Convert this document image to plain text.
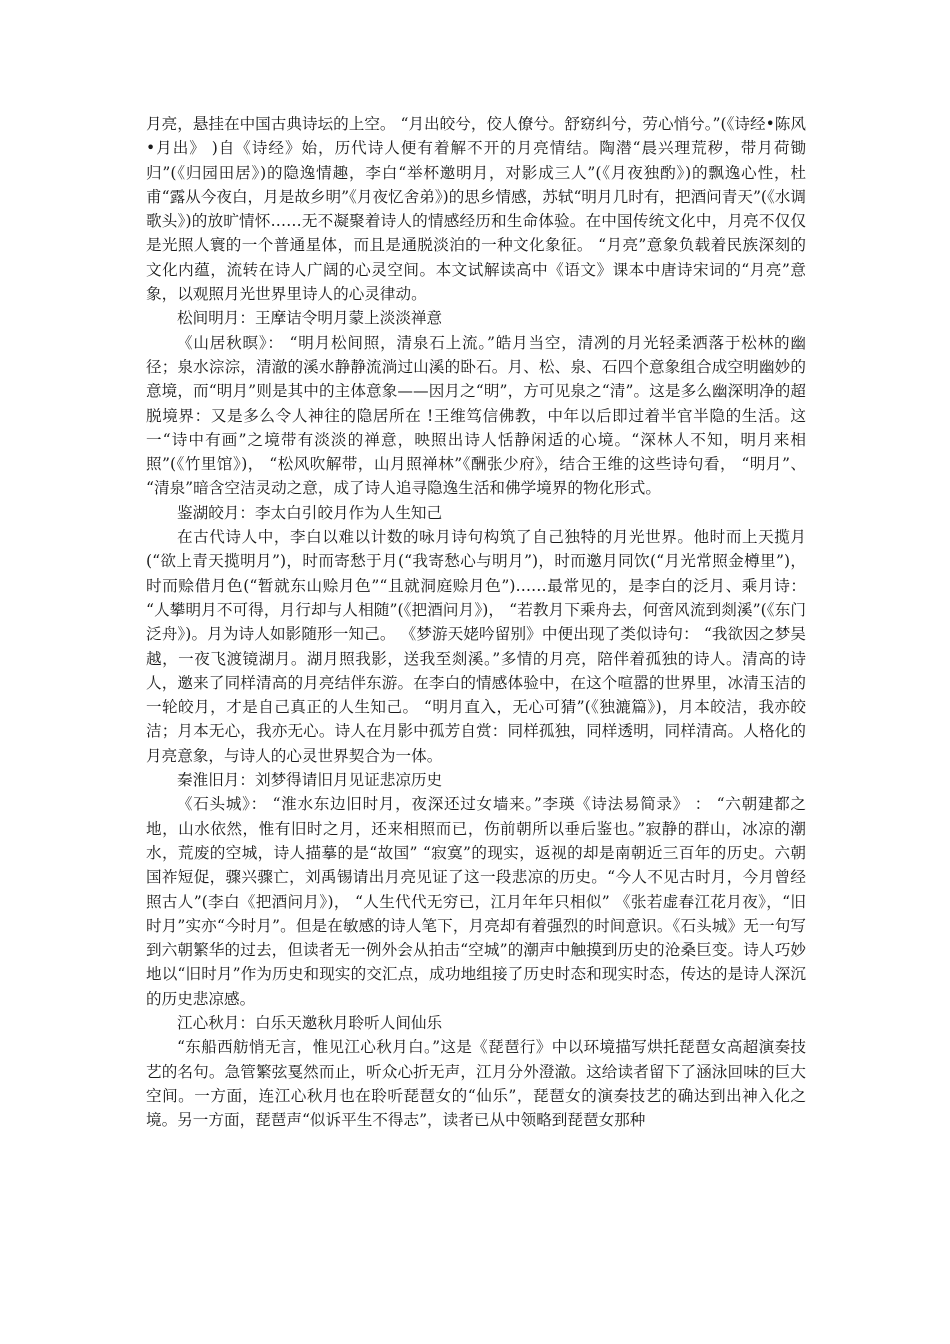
月亮，悬挂在中国古典诗坛的上空。 “月出皎兮，佼人僚兮。舒窈纠兮，劳心悄兮。”(《诗经•陈风•月出》 )自《诗经》始，历代诗人便有着解不开的月亮情结。陶潜“晨兴理荒秽，带月荷锄归”(《归园田居》)的隐逸情趣，李白“举杯邀明月，对影成三人”(《月夜独酌》)的飘逸心性，杜甫“露从今夜白，月是故乡明”《月夜忆舍弟》)的思乡情感，苏轼“明月几时有，把酒问青天”(《水调歌头》)的放旷情怀……无不凝聚着诗人的情感经历和生命体验。在中国传统文化中，月亮不仅仅是光照人寰的一个普通星体，而且是通脱淡泊的一种文化象征。 “月亮”意象负载着民族深刻的文化内蕴，流转在诗人广阔的心灵空间。本文试解读高中《语文》课本中唐诗宋词的“月亮”意象，以观照月光世界里诗人的心灵律动。

松间明月：王摩诘令明月蒙上淡淡禅意

《山居秋暝》： “明月松间照，清泉石上流。”皓月当空，清冽的月光轻柔洒落于松林的幽径；泉水淙淙，清澈的溪水静静流淌过山溪的卧石。月、松、泉、石四个意象组合成空明幽妙的意境，而“明月”则是其中的主体意象——因月之“明”，方可见泉之“清”。这是多么幽深明净的超脱境界：又是多么令人神往的隐居所在 !王维笃信佛教，中年以后即过着半官半隐的生活。这一“诗中有画”之境带有淡淡的禅意，映照出诗人恬静闲适的心境。“深林人不知，明月来相照”(《竹里馆》)， “松风吹解带，山月照禅林”《酬张少府》，结合王维的这些诗句看， “明月”、 “清泉”暗含空洁灵动之意，成了诗人追寻隐逸生活和佛学境界的物化形式。

鉴湖皎月：李太白引皎月作为人生知己

在古代诗人中，李白以难以计数的咏月诗句构筑了自己独特的月光世界。他时而上天揽月(“欲上青天揽明月”)，时而寄愁于月(“我寄愁心与明月”)，时而邀月同饮(“月光常照金樽里”)，时而赊借月色(“暂就东山赊月色”“且就洞庭赊月色”)……最常见的，是李白的泛月、乘月诗： “人攀明月不可得，月行却与人相随”(《把酒问月》)， “若教月下乘舟去，何啻风流到剡溪”(《东门泛舟》)。月为诗人如影随形一知己。 《梦游天姥吟留别》中便出现了类似诗句： “我欲因之梦吴越，一夜飞渡镜湖月。湖月照我影，送我至剡溪。”多情的月亮，陪伴着孤独的诗人。清高的诗人，邀来了同样清高的月亮结伴东游。在李白的情感体验中，在这个喧嚣的世界里，冰清玉洁的一轮皎月，才是自己真正的人生知己。 “明月直入，无心可猜”(《独漉篇》)，月本皎洁，我亦皎洁；月本无心，我亦无心。诗人在月影中孤芳自赏：同样孤独，同样透明，同样清高。人格化的月亮意象，与诗人的心灵世界契合为一体。

秦淮旧月：刘梦得请旧月见证悲凉历史

《石头城》： “淮水东边旧时月，夜深还过女墙来。”李瑛《诗法易简录》 ： “六朝建都之地，山水依然，惟有旧时之月，还来相照而已，伤前朝所以垂后鉴也。”寂静的群山，冰凉的潮水，荒废的空城，诗人描摹的是“故国” “寂寞”的现实，返视的却是南朝近三百年的历史。六朝国祚短促，骤兴骤亡，刘禹锡请出月亮见证了这一段悲凉的历史。“今人不见古时月，今月曾经照古人”(李白《把酒问月》)， “人生代代无穷已，江月年年只相似” 《张若虚春江花月夜》，“旧时月”实亦“今时月”。但是在敏感的诗人笔下，月亮却有着强烈的时间意识。《石头城》无一句写到六朝繁华的过去，但读者无一例外会从拍击“空城”的潮声中触摸到历史的沧桑巨变。诗人巧妙地以“旧时月”作为历史和现实的交汇点，成功地组接了历史时态和现实时态，传达的是诗人深沉的历史悲凉感。

江心秋月：白乐天邀秋月聆听人间仙乐

“东船西舫悄无言，惟见江心秋月白。”这是《琵琶行》中以环境描写烘托琵琶女高超演奏技艺的名句。急管繁弦戛然而止，听众心折无声，江月分外澄澈。这给读者留下了涵泳回味的巨大空间。一方面，连江心秋月也在聆听琵琶女的“仙乐”，琵琶女的演奏技艺的确达到出神入化之境。另一方面，琵琶声“似诉平生不得志”，读者已从中领略到琵琶女那种
